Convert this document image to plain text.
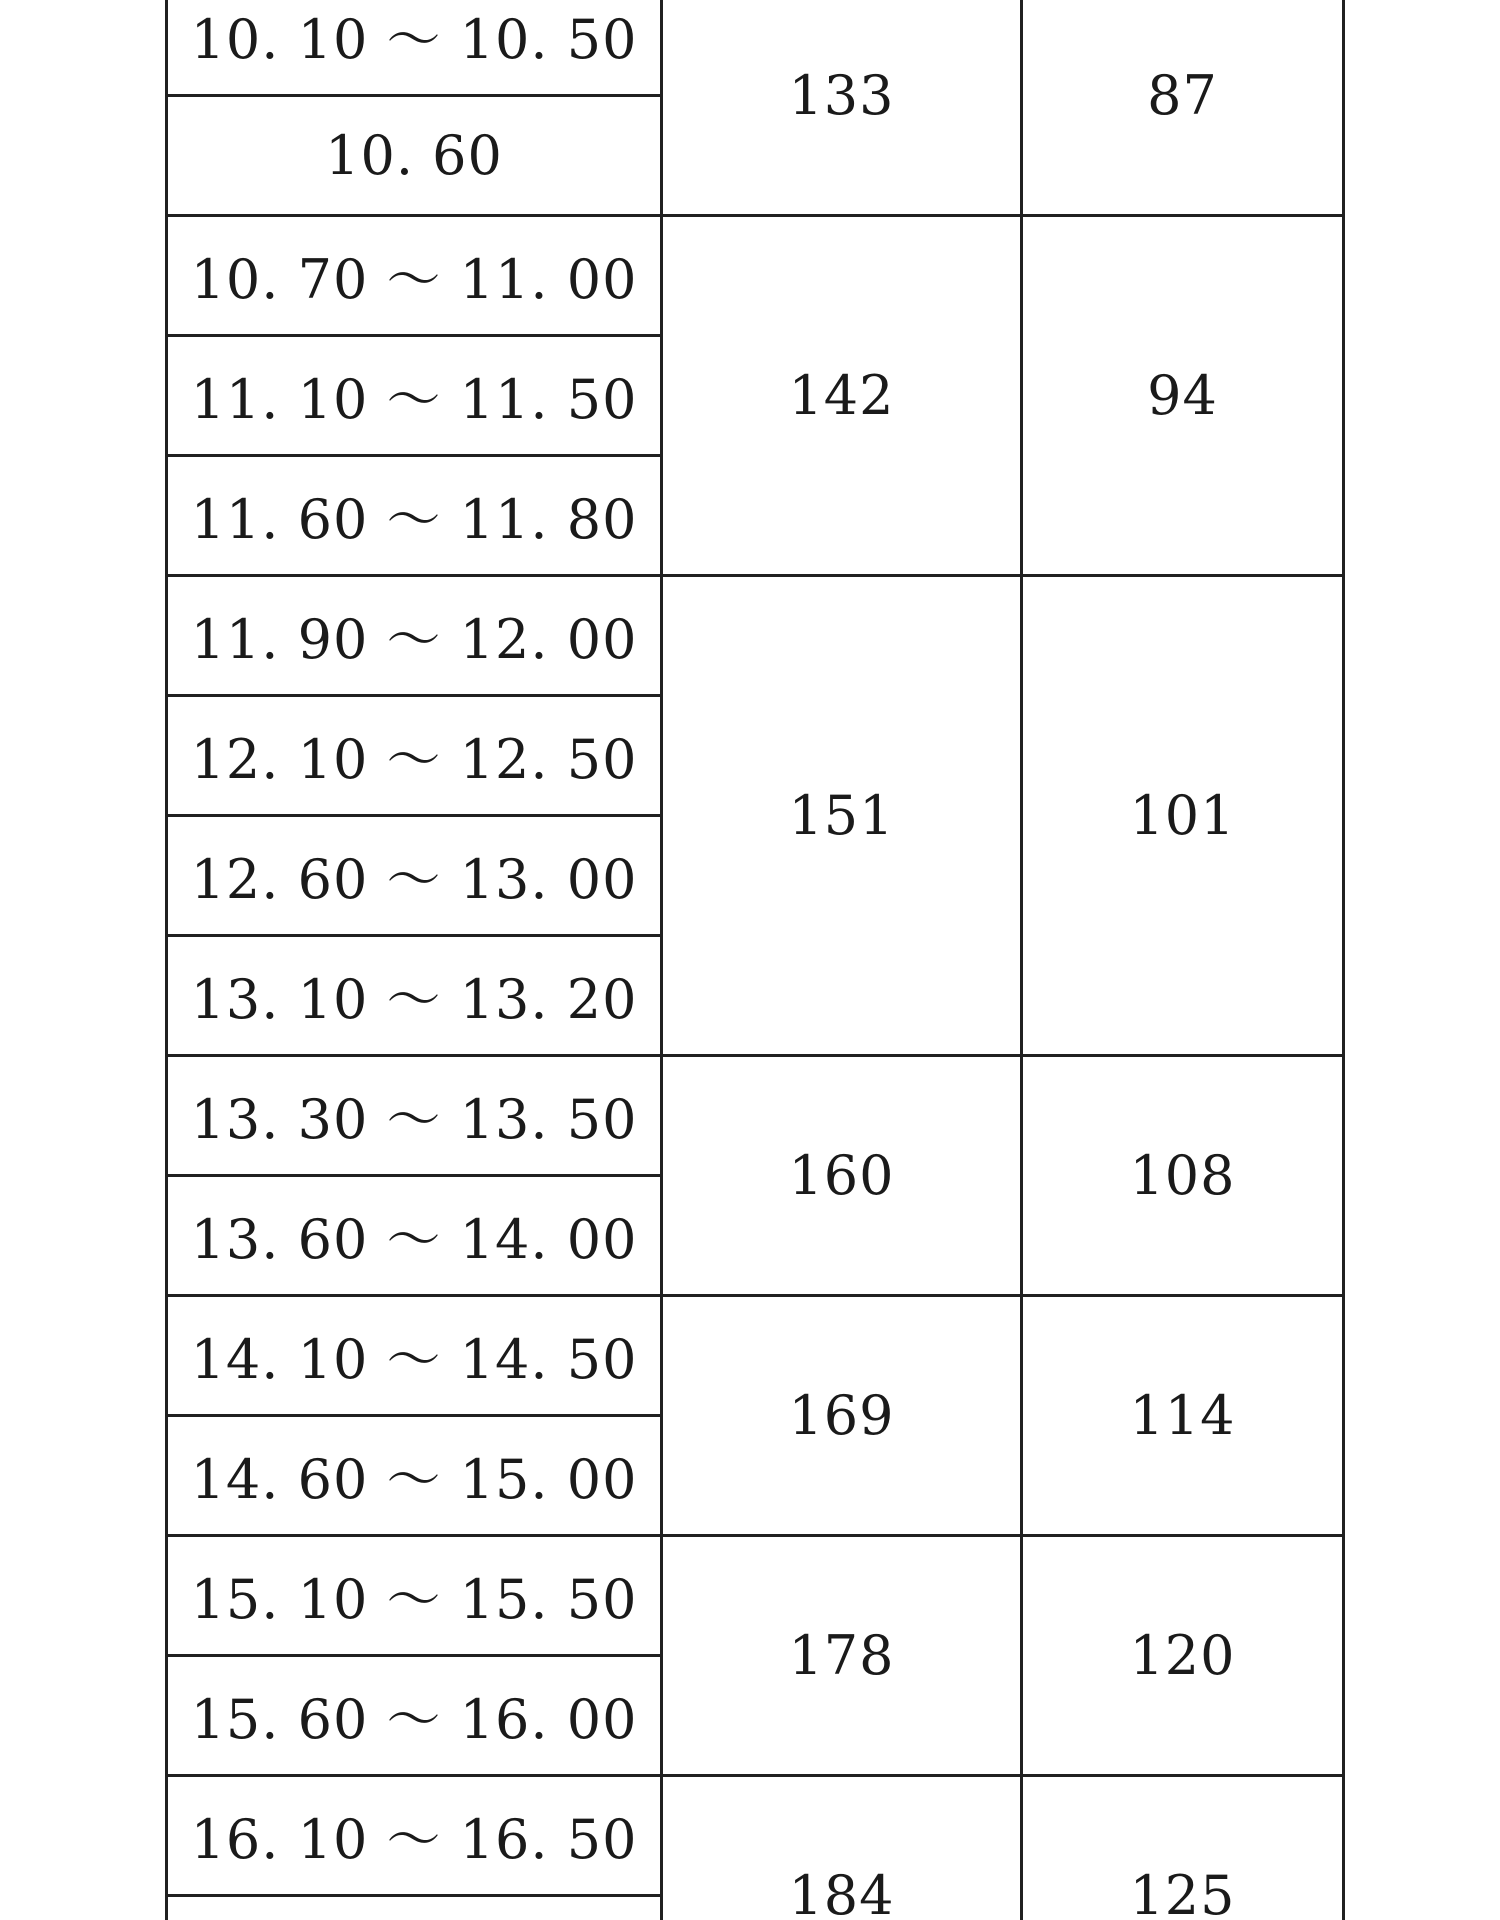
10. 10 ～ 10. 50	133	87
10. 60		
10. 70 ～ 11. 00	142	94
11. 10 ～ 11. 50		
11. 60 ～ 11. 80		
11. 90 ～ 12. 00	151	101
12. 10 ～ 12. 50		
12. 60 ～ 13. 00		
13. 10 ～ 13. 20		
13. 30 ～ 13. 50	160	108
13. 60 ～ 14. 00		
14. 10 ～ 14. 50	169	114
14. 60 ～ 15. 00		
15. 10 ～ 15. 50	178	120
15. 60 ～ 16. 00		
16. 10 ～ 16. 50	184	125
